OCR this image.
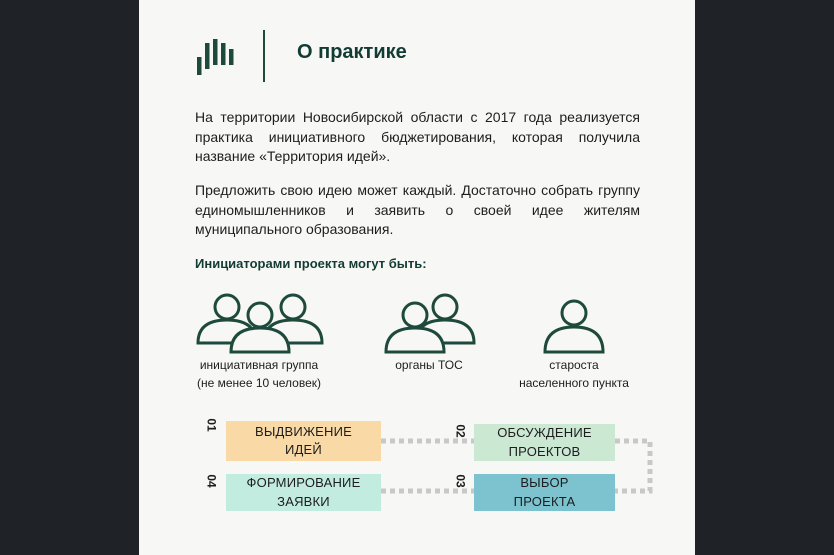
О практике
На территории Новосибирской области с 2017 года реализуется практика инициативного бюджетирования, которая получила название «Территория идей».
Предложить свою идею может каждый. Достаточно собрать группу единомышленников и заявить о своей идее жителям муниципального образования.
Инициаторами проекта могут быть:
инициативная группа
(не менее 10 человек)
органы ТОС	староста
населенного пункта
01	ВЫДВИЖЕНИЕ
ИДЕЙ
02 ОБСУЖДЕНИЕ
ПРОЕКТОВ
03	ВЫБОР
ПРОЕКТА
04 ФОРМИРОВАНИЕ
ЗАЯВКИ
